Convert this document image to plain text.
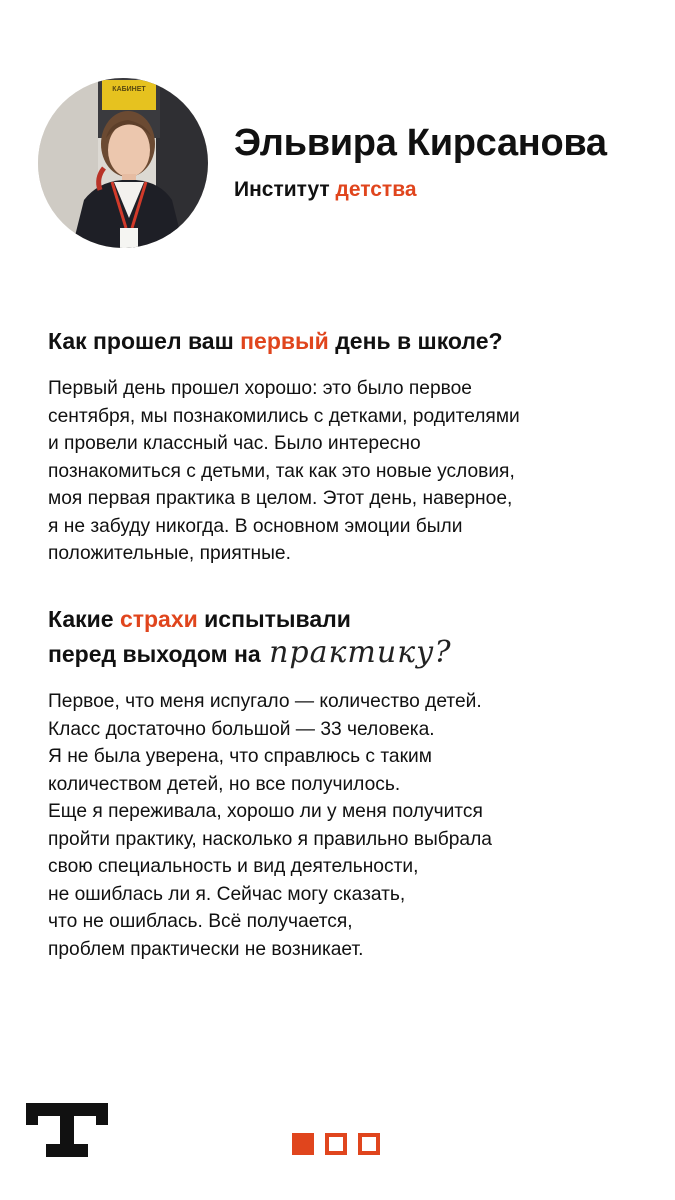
КАБИНЕТ
Эльвира Кирсанова
Институт детства
Как прошел ваш первый день в школе?
Первый день прошел хорошо: это было первое
сентября, мы познакомились с детками, родителями
и провели классный час. Было интересно
познакомиться с детьми, так как это новые условия,
моя первая практика в целом. Этот день, наверное,
я не забуду никогда. В основном эмоции были
положительные, приятные.
Какие страхи испытывали
перед выходом на практику?
Первое, что меня испугало — количество детей.
Класс достаточно большой — 33 человека.
Я не была уверена, что справлюсь с таким
количеством детей, но все получилось.
Еще я переживала, хорошо ли у меня получится
пройти практику, насколько я правильно выбрала
свою специальность и вид деятельности,
не ошиблась ли я. Сейчас могу сказать,
что не ошиблась. Всё получается,
проблем практически не возникает.
